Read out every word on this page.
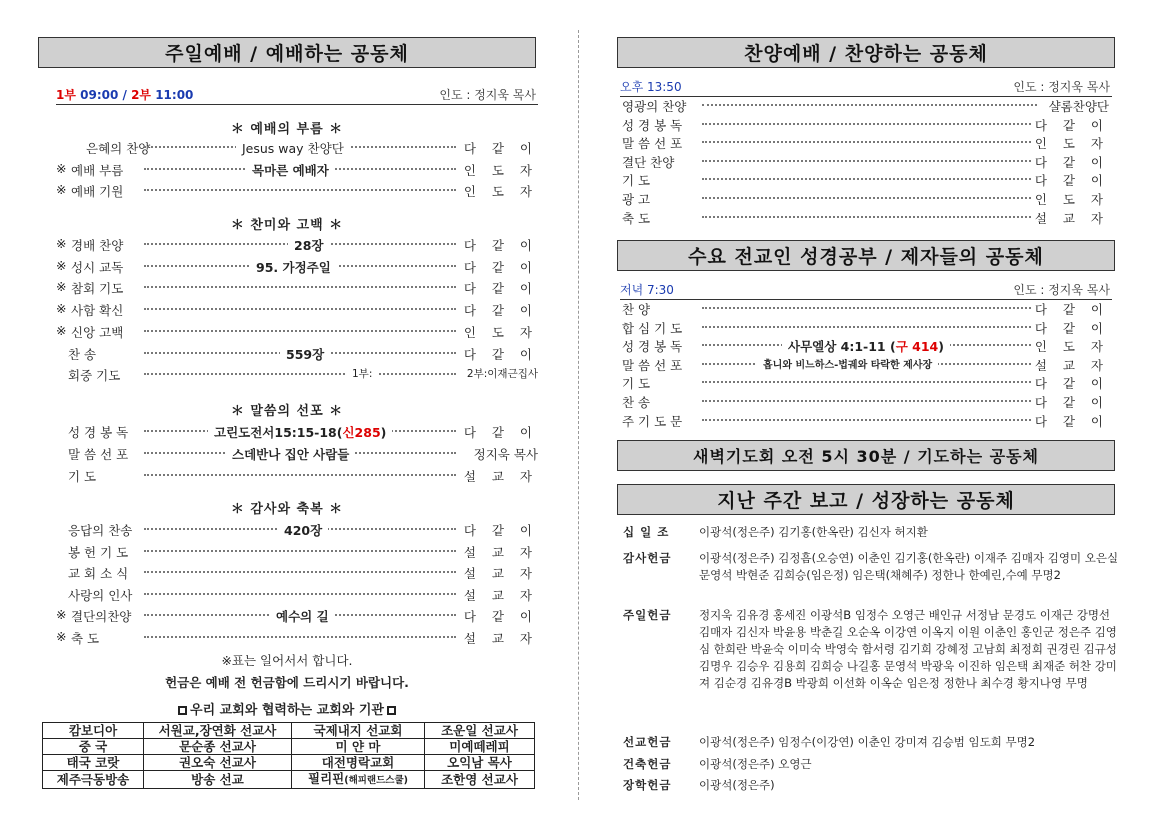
주일예배 / 예배하는 공동체
1부 09:00 / 2부 11:00	인도 : 정지욱 목사
＊ 예배의 부름 ＊
＊ 찬미와 고백 ＊
＊ 말씀의 선포 ＊
＊ 감사와 축복 ＊
※표는 일어서서 합니다.
헌금은 예배 전 헌금함에 드리시기 바랍니다.
우리 교회와 협력하는 교회와 기관
캄보디아	서원교,장연화 선교사	국제내지 선교회	조운일 선교사
중 국	문순종 선교사	미 얀 마	미예떼레피
태국 코랏	권오숙 선교사	대전명락교회	오익남 목사
제주극동방송	방송 선교	필리핀(해피랜드스쿨)	조한영 선교사
은혜의 찬양	Jesus way 찬양단	다 같 이
※ 예배 부름	목마른 예배자	인 도 자
※ 예배 기원	인 도 자
※ 경배 찬양	28장	다 같 이
※ 성시 교독	95. 가정주일	다 같 이
※ 참회 기도	다 같 이
※ 사함 확신	다 같 이
※ 신앙 고백	인 도 자
찬 송	559장	다 같 이
회중 기도	1부:	2부:이재근집사
성 경 봉 독	고린도전서15:15-18(신285)	다 같 이
말 씀 선 포	스데반나 집안 사람들	정지욱 목사
기 도	설 교 자
응답의 찬송	420장	다 같 이
봉 헌 기 도	설 교 자
교 회 소 식	설 교 자
사랑의 인사	설 교 자
※ 결단의찬양	예수의 길	다 같 이
※ 축 도	설 교 자
찬양예배 / 찬양하는 공동체
오후 13:50	인도 : 정지욱 목사
수요 전교인 성경공부 / 제자들의 공동체
저녁 7:30	인도 : 정지욱 목사
새벽기도회 오전 5시 30분 / 기도하는 공동체
지난 주간 보고 / 성장하는 공동체
십 일 조	이광석(정은주) 김기홍(한옥란) 김신자 허지환
감사헌금	이광석(정은주) 김정흠(오승연) 이춘인 김기홍(한옥란) 이재주 김매자 김영미 오은실 문영석 박현준 김희승(임은정) 임은택(채혜주) 정한나 한예린,수예 무명2
주일헌금	정지욱 김유경 홍세진 이광석B 임정수 오영근 배인규 서정남 문경도 이재근 강명선 김매자 김신자 박윤용 박춘길 오순옥 이강연 이옥지 이원 이춘인 홍인군 정은주 김영심 한희란 박윤숙 이미숙 박영숙 함서령 김기희 강혜정 고남희 최정희 권경린 김규성 김명우 김승우 김용희 김희승 나길홍 문영석 박광욱 이진하 임은택 최재준 허찬 강미져 김순경 김유경B 박광희 이선화 이옥순 임은정 정한나 최수경 황지나영 무명
선교헌금	이광석(정은주) 임정수(이강연) 이춘인 강미져 김승범 임도희 무명2
건축헌금	이광석(정은주) 오영근
장학헌금	이광석(정은주)
영광의 찬양	샬롬찬양단
성 경 봉 독	다 같 이
말 씀 선 포	인 도 자
결단 찬양	다 같 이
기 도	다 같 이
광 고	인 도 자
축 도	설 교 자
찬 양	다 같 이
합 심 기 도	다 같 이
성 경 봉 독	사무엘상 4:1-11 (구 414)	인 도 자
말 씀 선 포	홉니와 비느하스-법궤와 타락한 제사장	설 교 자
기 도	다 같 이
찬 송	다 같 이
주 기 도 문	다 같 이
